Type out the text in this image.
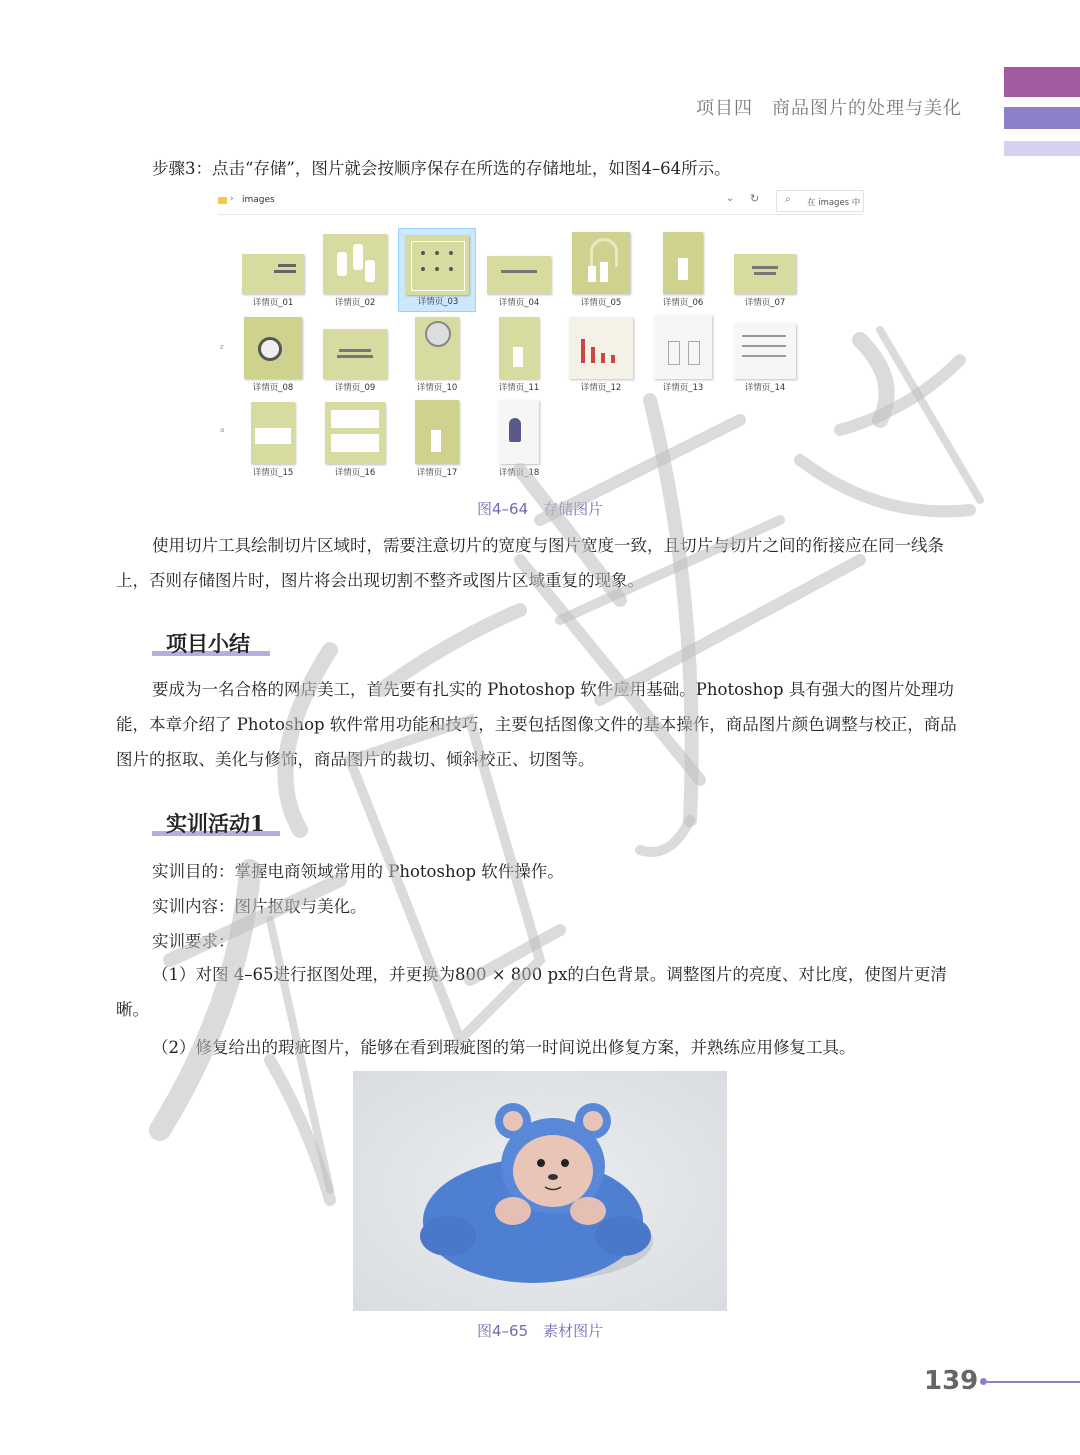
项目四　商品图片的处理与美化
步骤3：点击“存储”，图片就会按顺序保存在所选的存储地址，如图4–64所示。
› images	⌄ ↻	⌕ 在 images 中
z
a
详情页_01	详情页_02	详情页_03	详情页_04	详情页_05	详情页_06	详情页_07
详情页_08	详情页_09	详情页_10	详情页_11	详情页_12	详情页_13	详情页_14
详情页_15	详情页_16	详情页_17	详情页_18
图4–64　存储图片
使用切片工具绘制切片区域时，需要注意切片的宽度与图片宽度一致，且切片与切片之间的衔接应在同一线条上，否则存储图片时，图片将会出现切割不整齐或图片区域重复的现象。
项目小结
要成为一名合格的网店美工，首先要有扎实的 Photoshop 软件应用基础。Photoshop 具有强大的图片处理功能，本章介绍了 Photoshop 软件常用功能和技巧，主要包括图像文件的基本操作，商品图片颜色调整与校正，商品图片的抠取、美化与修饰，商品图片的裁切、倾斜校正、切图等。
实训活动1
实训目的：掌握电商领域常用的 Photoshop 软件操作。
实训内容：图片抠取与美化。
实训要求：
（1）对图 4–65进行抠图处理，并更换为800 × 800 px的白色背景。调整图片的亮度、对比度，使图片更清晰。
（2）修复给出的瑕疵图片，能够在看到瑕疵图的第一时间说出修复方案，并熟练应用修复工具。
图4–65　素材图片
139
